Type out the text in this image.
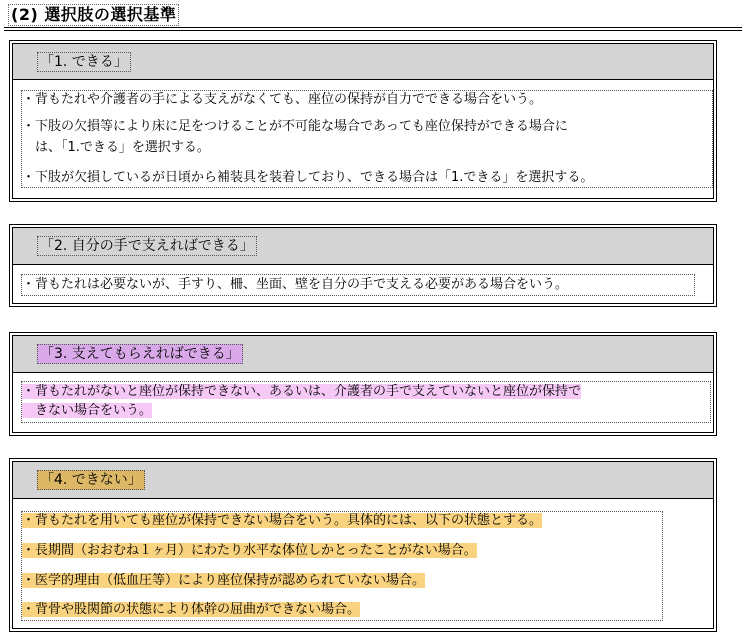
(2) 選択肢の選択基準
「1. できる」
・背もたれや介護者の手による支えがなくても、座位の保持が自力でできる場合をいう。
・下肢の欠損等により床に足をつけることが不可能な場合であっても座位保持ができる場合に
　は、「1.できる」を選択する。
・下肢が欠損しているが日頃から補装具を装着しており、できる場合は「1.できる」を選択する。
「2. 自分の手で支えればできる」
・背もたれは必要ないが、手すり、柵、坐面、壁を自分の手で支える必要がある場合をいう。
「3. 支えてもらえればできる」
・背もたれがないと座位が保持できない、あるいは、介護者の手で支えていないと座位が保持で
　きない場合をいう。
「4. できない」
・背もたれを用いても座位が保持できない場合をいう。具体的には、以下の状態とする。
・長期間（おおむね１ヶ月）にわたり水平な体位しかとったことがない場合。
・医学的理由（低血圧等）により座位保持が認められていない場合。
・背骨や股関節の状態により体幹の屈曲ができない場合。
